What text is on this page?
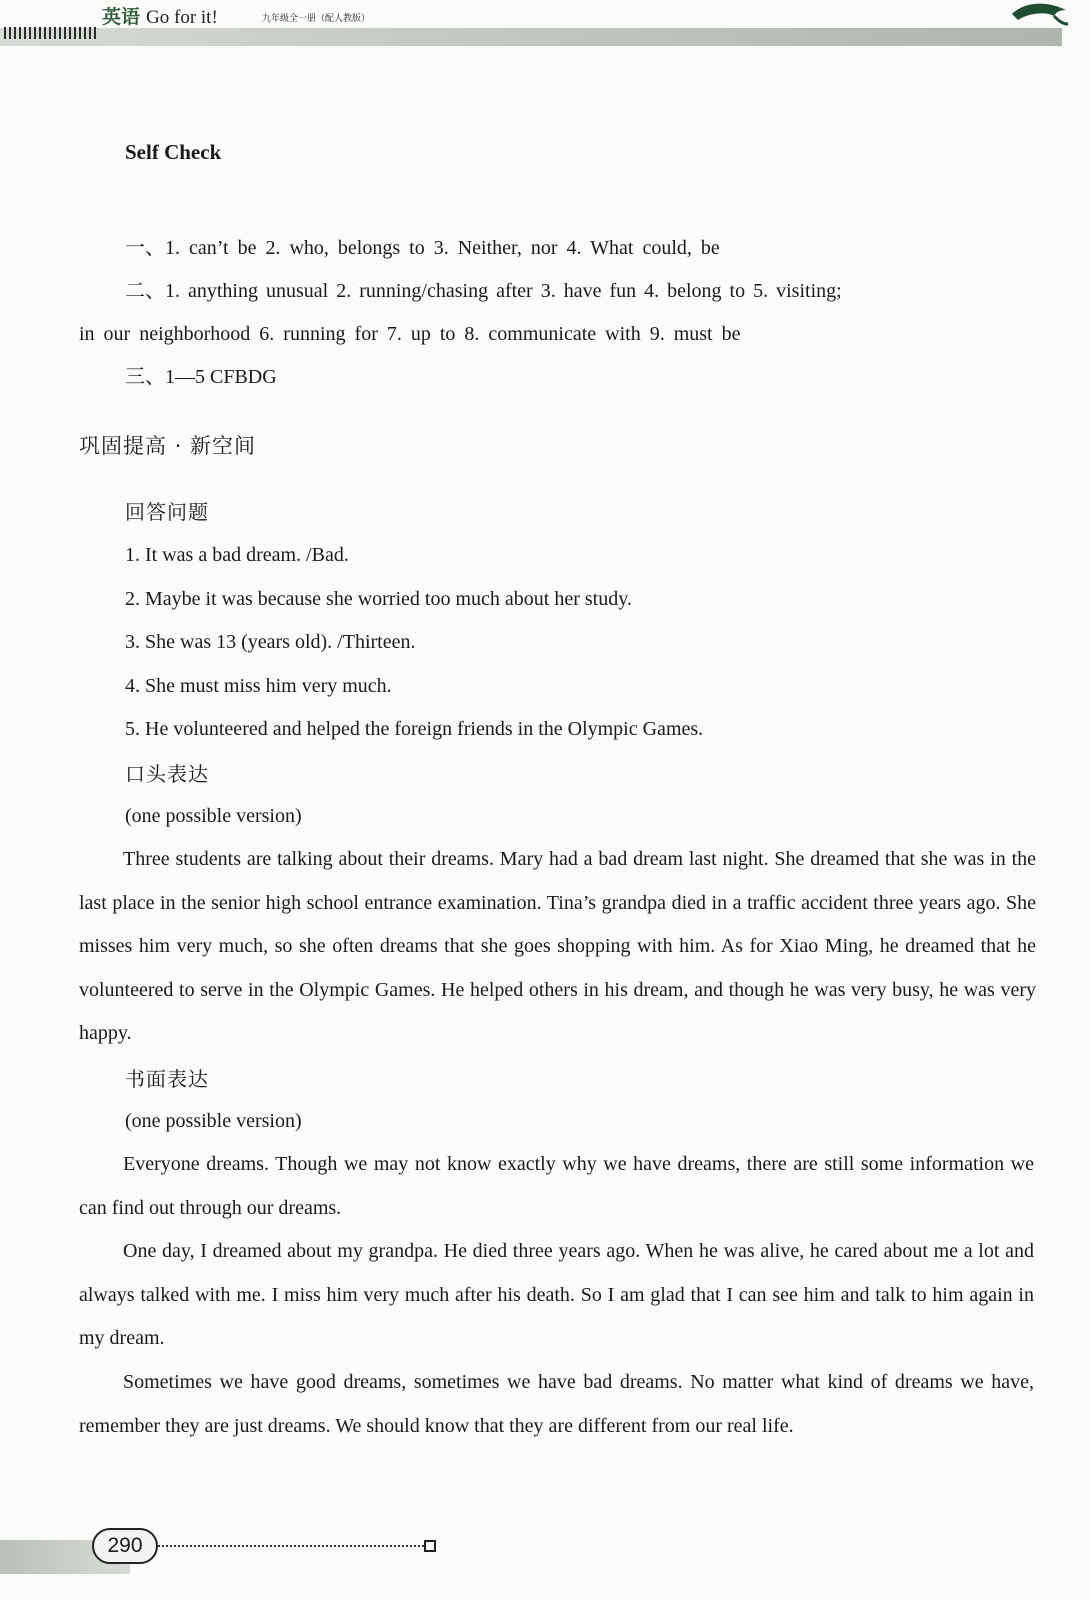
英语 Go for it!	九年级全一册（配人教版）
Self Check
一、1. can’t be 2. who, belongs to 3. Neither, nor 4. What could, be
二、1. anything unusual 2. running/chasing after 3. have fun 4. belong to 5. visiting;
in our neighborhood 6. running for 7. up to 8. communicate with 9. must be
三、1—5 CFBDG
巩固提高 · 新空间
回答问题
1. It was a bad dream. /Bad.
2. Maybe it was because she worried too much about her study.
3. She was 13 (years old). /Thirteen.
4. She must miss him very much.
5. He volunteered and helped the foreign friends in the Olympic Games.
口头表达
(one possible version)

Three students are talking about their dreams. Mary had a bad dream last night. She dreamed that she was in the last place in the senior high school entrance examination. Tina’s grandpa died in a traffic accident three years ago. She misses him very much, so she often dreams that she goes shopping with him. As for Xiao Ming, he dreamed that he volunteered to serve in the Olympic Games. He helped others in his dream, and though he was very busy, he was very happy.

书面表达
(one possible version)

Everyone dreams. Though we may not know exactly why we have dreams, there are still some information we can find out through our dreams.

One day, I dreamed about my grandpa. He died three years ago. When he was alive, he cared about me a lot and always talked with me. I miss him very much after his death. So I am glad that I can see him and talk to him again in my dream.

Sometimes we have good dreams, sometimes we have bad dreams. No matter what kind of dreams we have, remember they are just dreams. We should know that they are different from our real life.

290
